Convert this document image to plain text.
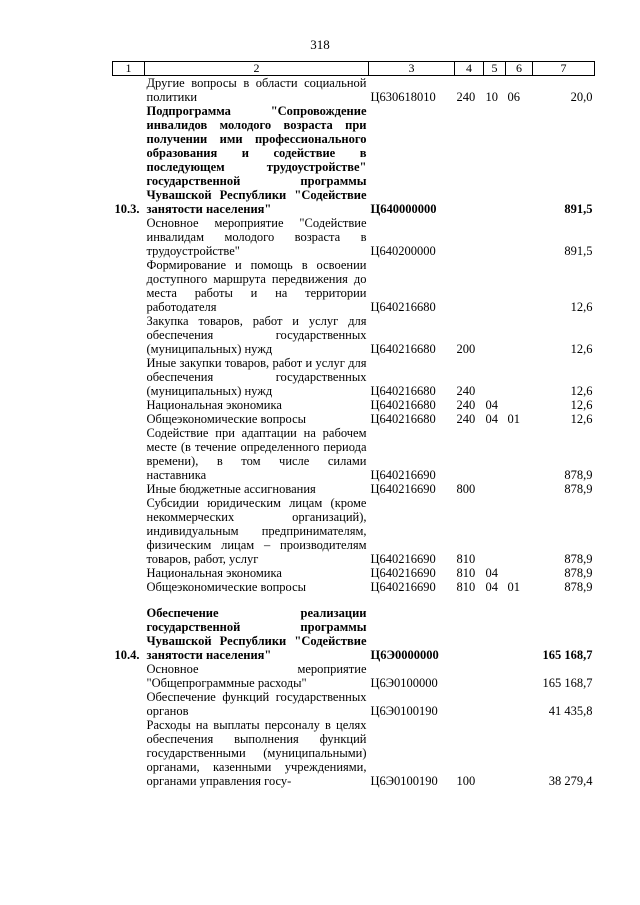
318
1	2	3	4	5	6	7
	Другие вопросы в области социальной политики	Ц630618010	240	10	06	20,0
10.3.	Подпрограмма "Сопровождение инвалидов молодого возраста при получении ими профессионального образования и содействие в последующем трудоустройстве" государственной программы Чувашской Республики "Содействие занятости населения"	Ц640000000				891,5
	Основное мероприятие "Содействие инвалидам молодого возраста в трудоустройстве"	Ц640200000				891,5
	Формирование и помощь в освоении доступного маршрута передвижения до места работы и на территории работодателя	Ц640216680				12,6
	Закупка товаров, работ и услуг для обеспечения государственных (муниципальных) нужд	Ц640216680	200			12,6
	Иные закупки товаров, работ и услуг для обеспечения государственных (муниципальных) нужд	Ц640216680	240			12,6
	Национальная экономика	Ц640216680	240	04		12,6
	Общеэкономические вопросы	Ц640216680	240	04	01	12,6
	Содействие при адаптации на рабочем месте (в течение определенного периода времени), в том числе силами наставника	Ц640216690				878,9
	Иные бюджетные ассигнования	Ц640216690	800			878,9
	Субсидии юридическим лицам (кроме некоммерческих организаций), индивидуальным предпринимателям, физическим лицам – производителям товаров, работ, услуг	Ц640216690	810			878,9
	Национальная экономика	Ц640216690	810	04		878,9
	Общеэкономические вопросы	Ц640216690	810	04	01	878,9

10.4.	Обеспечение реализации государственной программы Чувашской Республики "Содействие занятости населения"	Ц6Э0000000				165 168,7
	Основное мероприятие "Общепрограммные расходы"	Ц6Э0100000				165 168,7
	Обеспечение функций государственных органов	Ц6Э0100190				41 435,8
	Расходы на выплаты персоналу в целях обеспечения выполнения функций государственными (муниципальными) органами, казенными учреждениями, органами управления госу-	Ц6Э0100190	100			38 279,4
